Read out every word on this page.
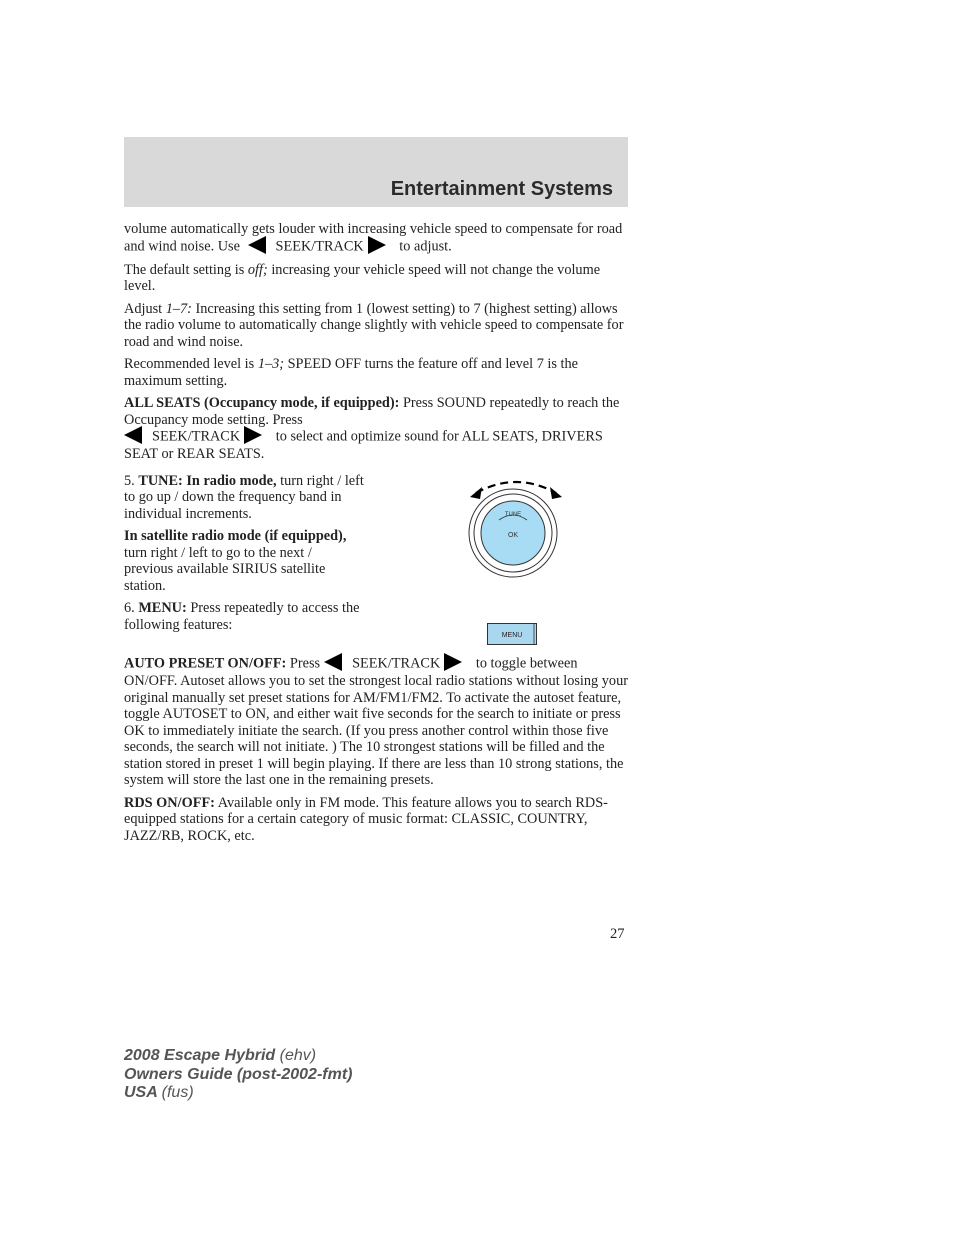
Entertainment Systems

volume automatically gets louder with increasing vehicle speed to compensate for road and wind noise. Use SEEK/TRACK to adjust.

The default setting is off; increasing your vehicle speed will not change the volume level.

Adjust 1–7: Increasing this setting from 1 (lowest setting) to 7 (highest setting) allows the radio volume to automatically change slightly with vehicle speed to compensate for road and wind noise.

Recommended level is 1–3; SPEED OFF turns the feature off and level 7 is the maximum setting.

ALL SEATS (Occupancy mode, if equipped): Press SOUND repeatedly to reach the Occupancy mode setting. Press
SEEK/TRACK to select and optimize sound for ALL SEATS, DRIVERS SEAT or REAR SEATS.

5. TUNE: In radio mode, turn right / left to go up / down the frequency band in individual increments.

In satellite radio mode (if equipped), turn right / left to go to the next / previous available SIRIUS satellite station.

6. MENU: Press repeatedly to access the following features:

TUNE
OK
MENU

AUTO PRESET ON/OFF: Press SEEK/TRACK to toggle between ON/OFF. Autoset allows you to set the strongest local radio stations without losing your original manually set preset stations for AM/FM1/FM2. To activate the autoset feature, toggle AUTOSET to ON, and either wait five seconds for the search to initiate or press OK to immediately initiate the search. (If you press another control within those five seconds, the search will not initiate. ) The 10 strongest stations will be filled and the station stored in preset 1 will begin playing. If there are less than 10 strong stations, the system will store the last one in the remaining presets.

RDS ON/OFF: Available only in FM mode. This feature allows you to search RDS-equipped stations for a certain category of music format: CLASSIC, COUNTRY, JAZZ/RB, ROCK, etc.

27
2008 Escape Hybrid (ehv)
Owners Guide (post-2002-fmt)
USA (fus)
